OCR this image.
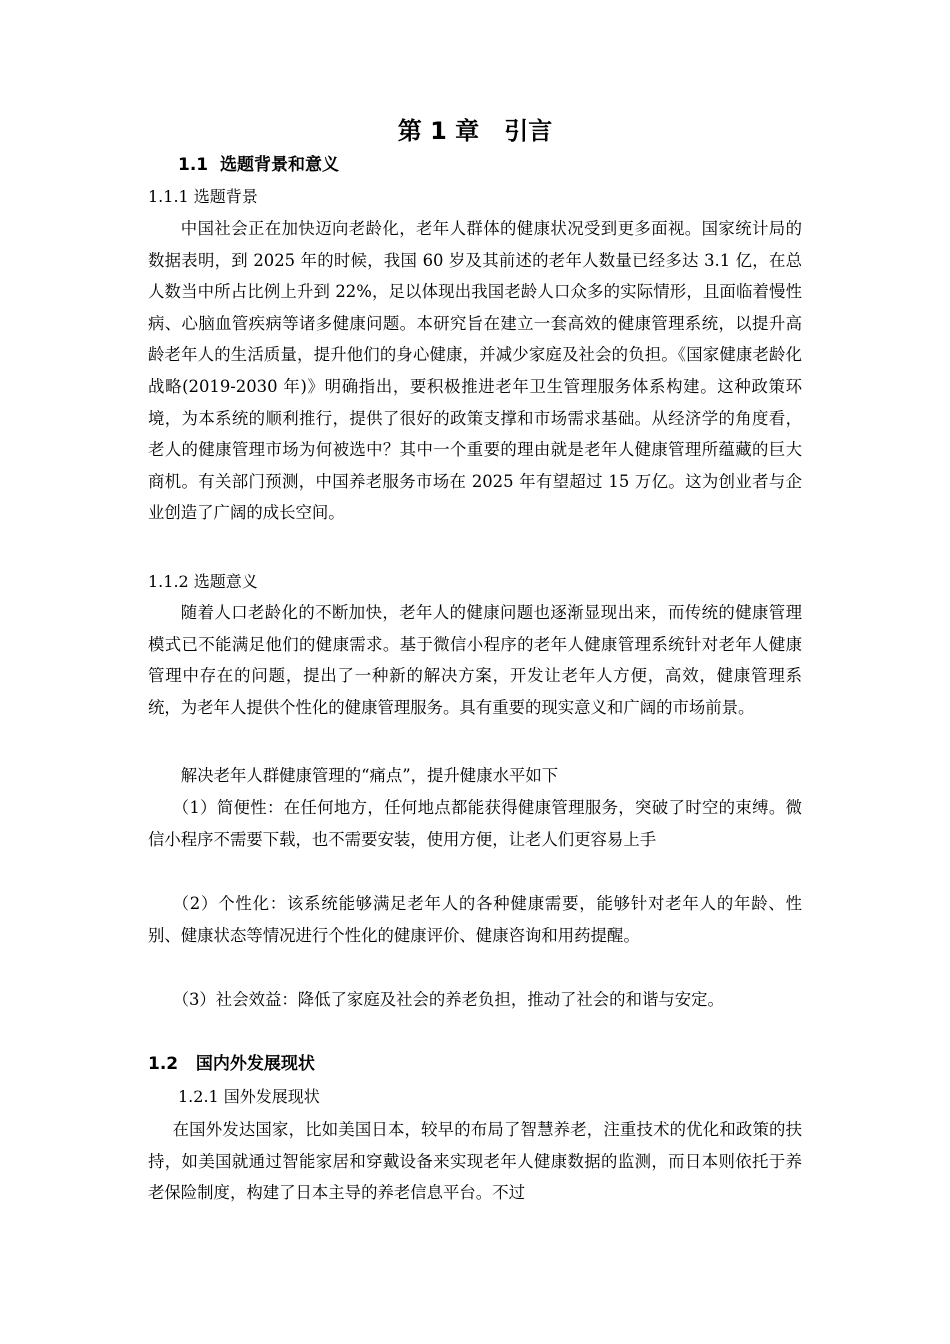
第 1 章   引言
1.1  选题背景和意义
1.1.1 选题背景

中国社会正在加快迈向老龄化，老年人群体的健康状况受到更多面视。国家统计局的数据表明，到 2025 年的时候，我国 60 岁及其前述的老年人数量已经多达 3.1 亿，在总人数当中所占比例上升到 22%，足以体现出我国老龄人口众多的实际情形，且面临着慢性病、心脑血管疾病等诸多健康问题。本研究旨在建立一套高效的健康管理系统，以提升高龄老年人的生活质量，提升他们的身心健康，并减少家庭及社会的负担。《国家健康老龄化战略(2019-2030 年)》明确指出，要积极推进老年卫生管理服务体系构建。这种政策环境，为本系统的顺利推行，提供了很好的政策支撑和市场需求基础。从经济学的角度看，老人的健康管理市场为何被选中？其中一个重要的理由就是老年人健康管理所蕴藏的巨大商机。有关部门预测，中国养老服务市场在 2025 年有望超过 15 万亿。这为创业者与企业创造了广阔的成长空间。

1.1.2 选题意义

随着人口老龄化的不断加快，老年人的健康问题也逐渐显现出来，而传统的健康管理模式已不能满足他们的健康需求。基于微信小程序的老年人健康管理系统针对老年人健康管理中存在的问题，提出了一种新的解决方案，开发让老年人方便，高效，健康管理系统，为老年人提供个性化的健康管理服务。具有重要的现实意义和广阔的市场前景。

解决老年人群健康管理的“痛点”，提升健康水平如下

（1）简便性：在任何地方，任何地点都能获得健康管理服务，突破了时空的束缚。微信小程序不需要下载，也不需要安装，使用方便，让老人们更容易上手

（2）个性化：该系统能够满足老年人的各种健康需要，能够针对老年人的年龄、性别、健康状态等情况进行个性化的健康评价、健康咨询和用药提醒。

（3）社会效益：降低了家庭及社会的养老负担，推动了社会的和谐与安定。

1.2   国内外发展现状
1.2.1 国外发展现状

在国外发达国家，比如美国日本，较早的布局了智慧养老，注重技术的优化和政策的扶持，如美国就通过智能家居和穿戴设备来实现老年人健康数据的监测，而日本则依托于养老保险制度，构建了日本主导的养老信息平台。不过
